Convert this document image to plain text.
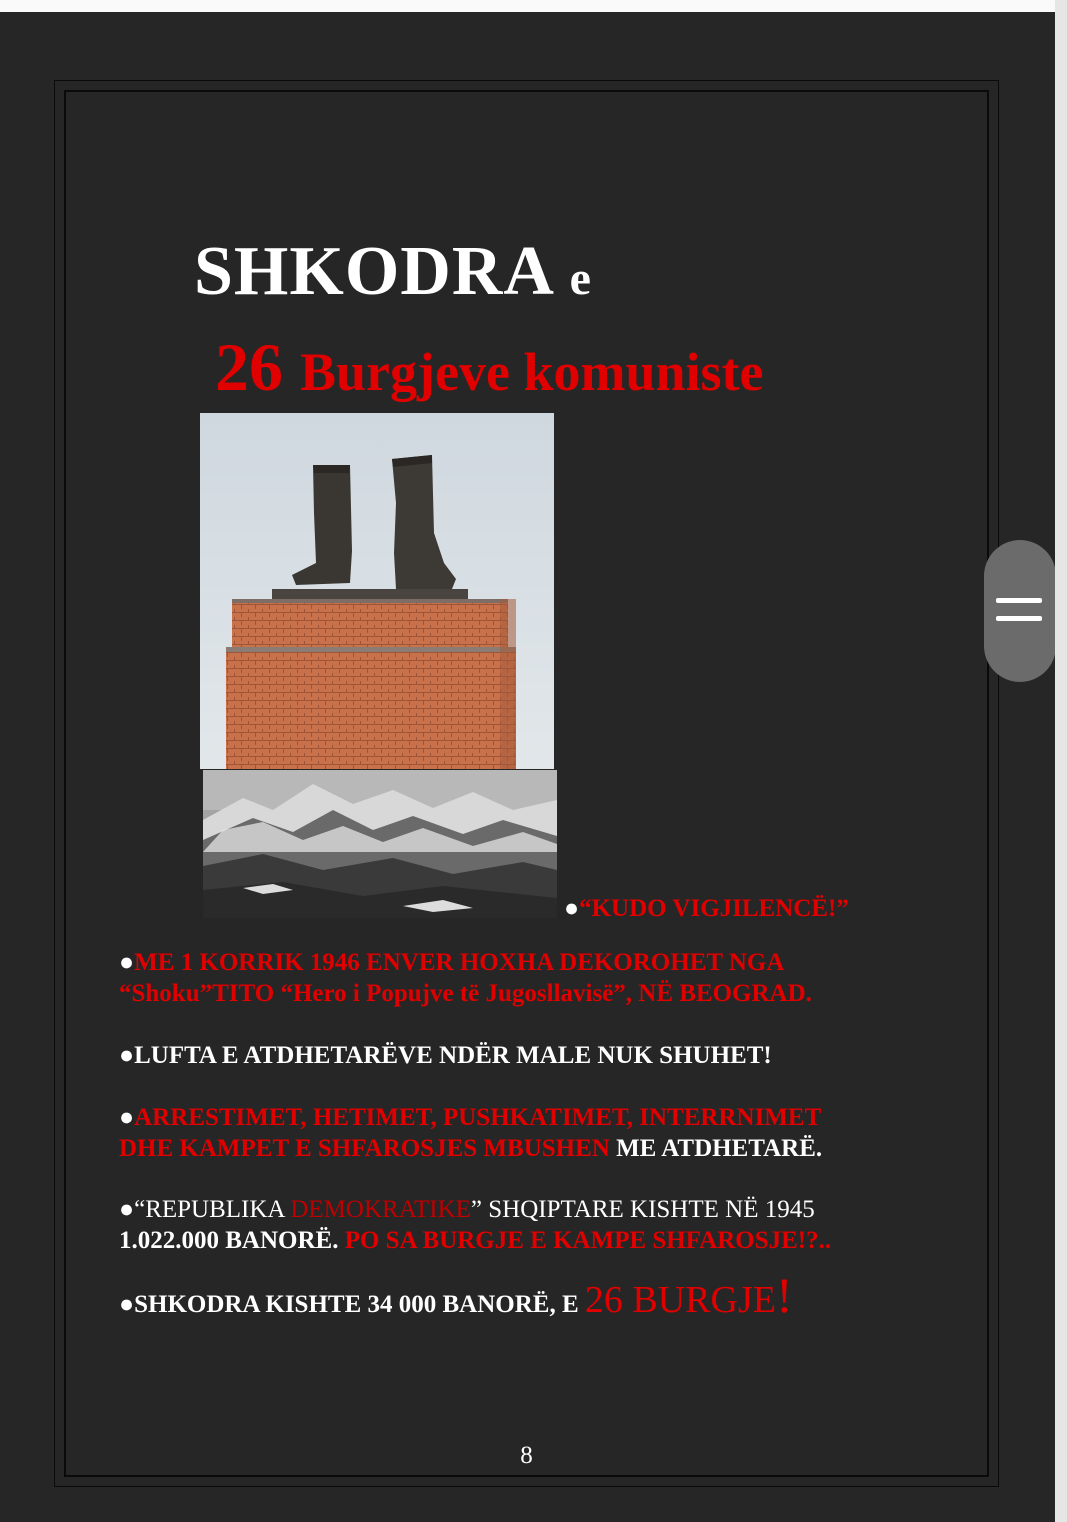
SHKODRA e
26 Burgjeve komuniste
●“KUDO VIGJILENCË!”
●ME 1 KORRIK 1946 ENVER HOXHA DEKOROHET NGA
“Shoku”TITO “Hero i Popujve të Jugosllavisë”, NË BEOGRAD.
●LUFTA E ATDHETARËVE NDËR MALE NUK SHUHET!
●ARRESTIMET, HETIMET, PUSHKATIMET, INTERRNIMET
DHE KAMPET E SHFAROSJES MBUSHEN ME ATDHETARË.
●“REPUBLIKA DEMOKRATIKE” SHQIPTARE KISHTE NË 1945
1.022.000 BANORË. PO SA BURGJE E KAMPE SHFAROSJE!?..
●SHKODRA KISHTE 34 000 BANORË, E 26 BURGJE!
8
